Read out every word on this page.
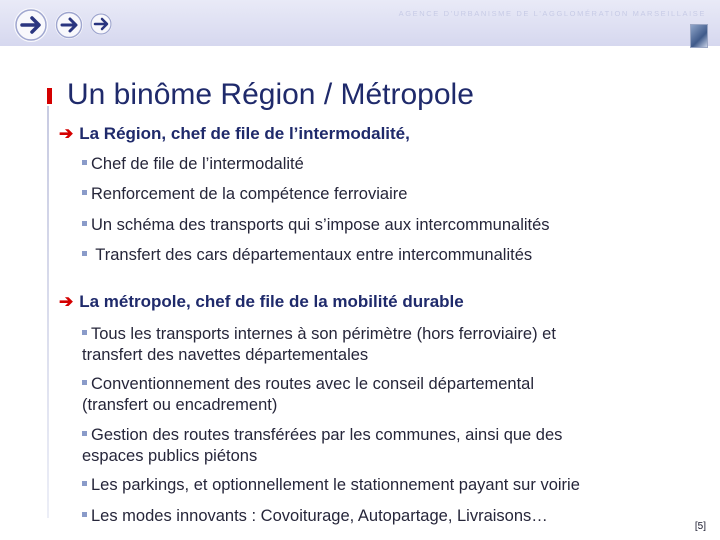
AGENCE D'URBANISME DE L'AGGLOMÉRATION MARSEILLAISE
Un binôme Région / Métropole
➔ La Région, chef de file de l’intermodalité,
Chef de file de l’intermodalité
Renforcement de la compétence ferroviaire
Un schéma des transports qui s’impose aux intercommunalités
Transfert des cars départementaux entre intercommunalités
➔ La métropole, chef de file de la mobilité durable
Tous les transports internes à son périmètre (hors ferroviaire) et
transfert des navettes départementales
Conventionnement des routes avec le conseil départemental
(transfert ou encadrement)
Gestion des routes transférées par les communes, ainsi que des
espaces publics piétons
Les parkings, et optionnellement le stationnement payant sur voirie
Les modes innovants : Covoiturage, Autopartage, Livraisons…
[5]
